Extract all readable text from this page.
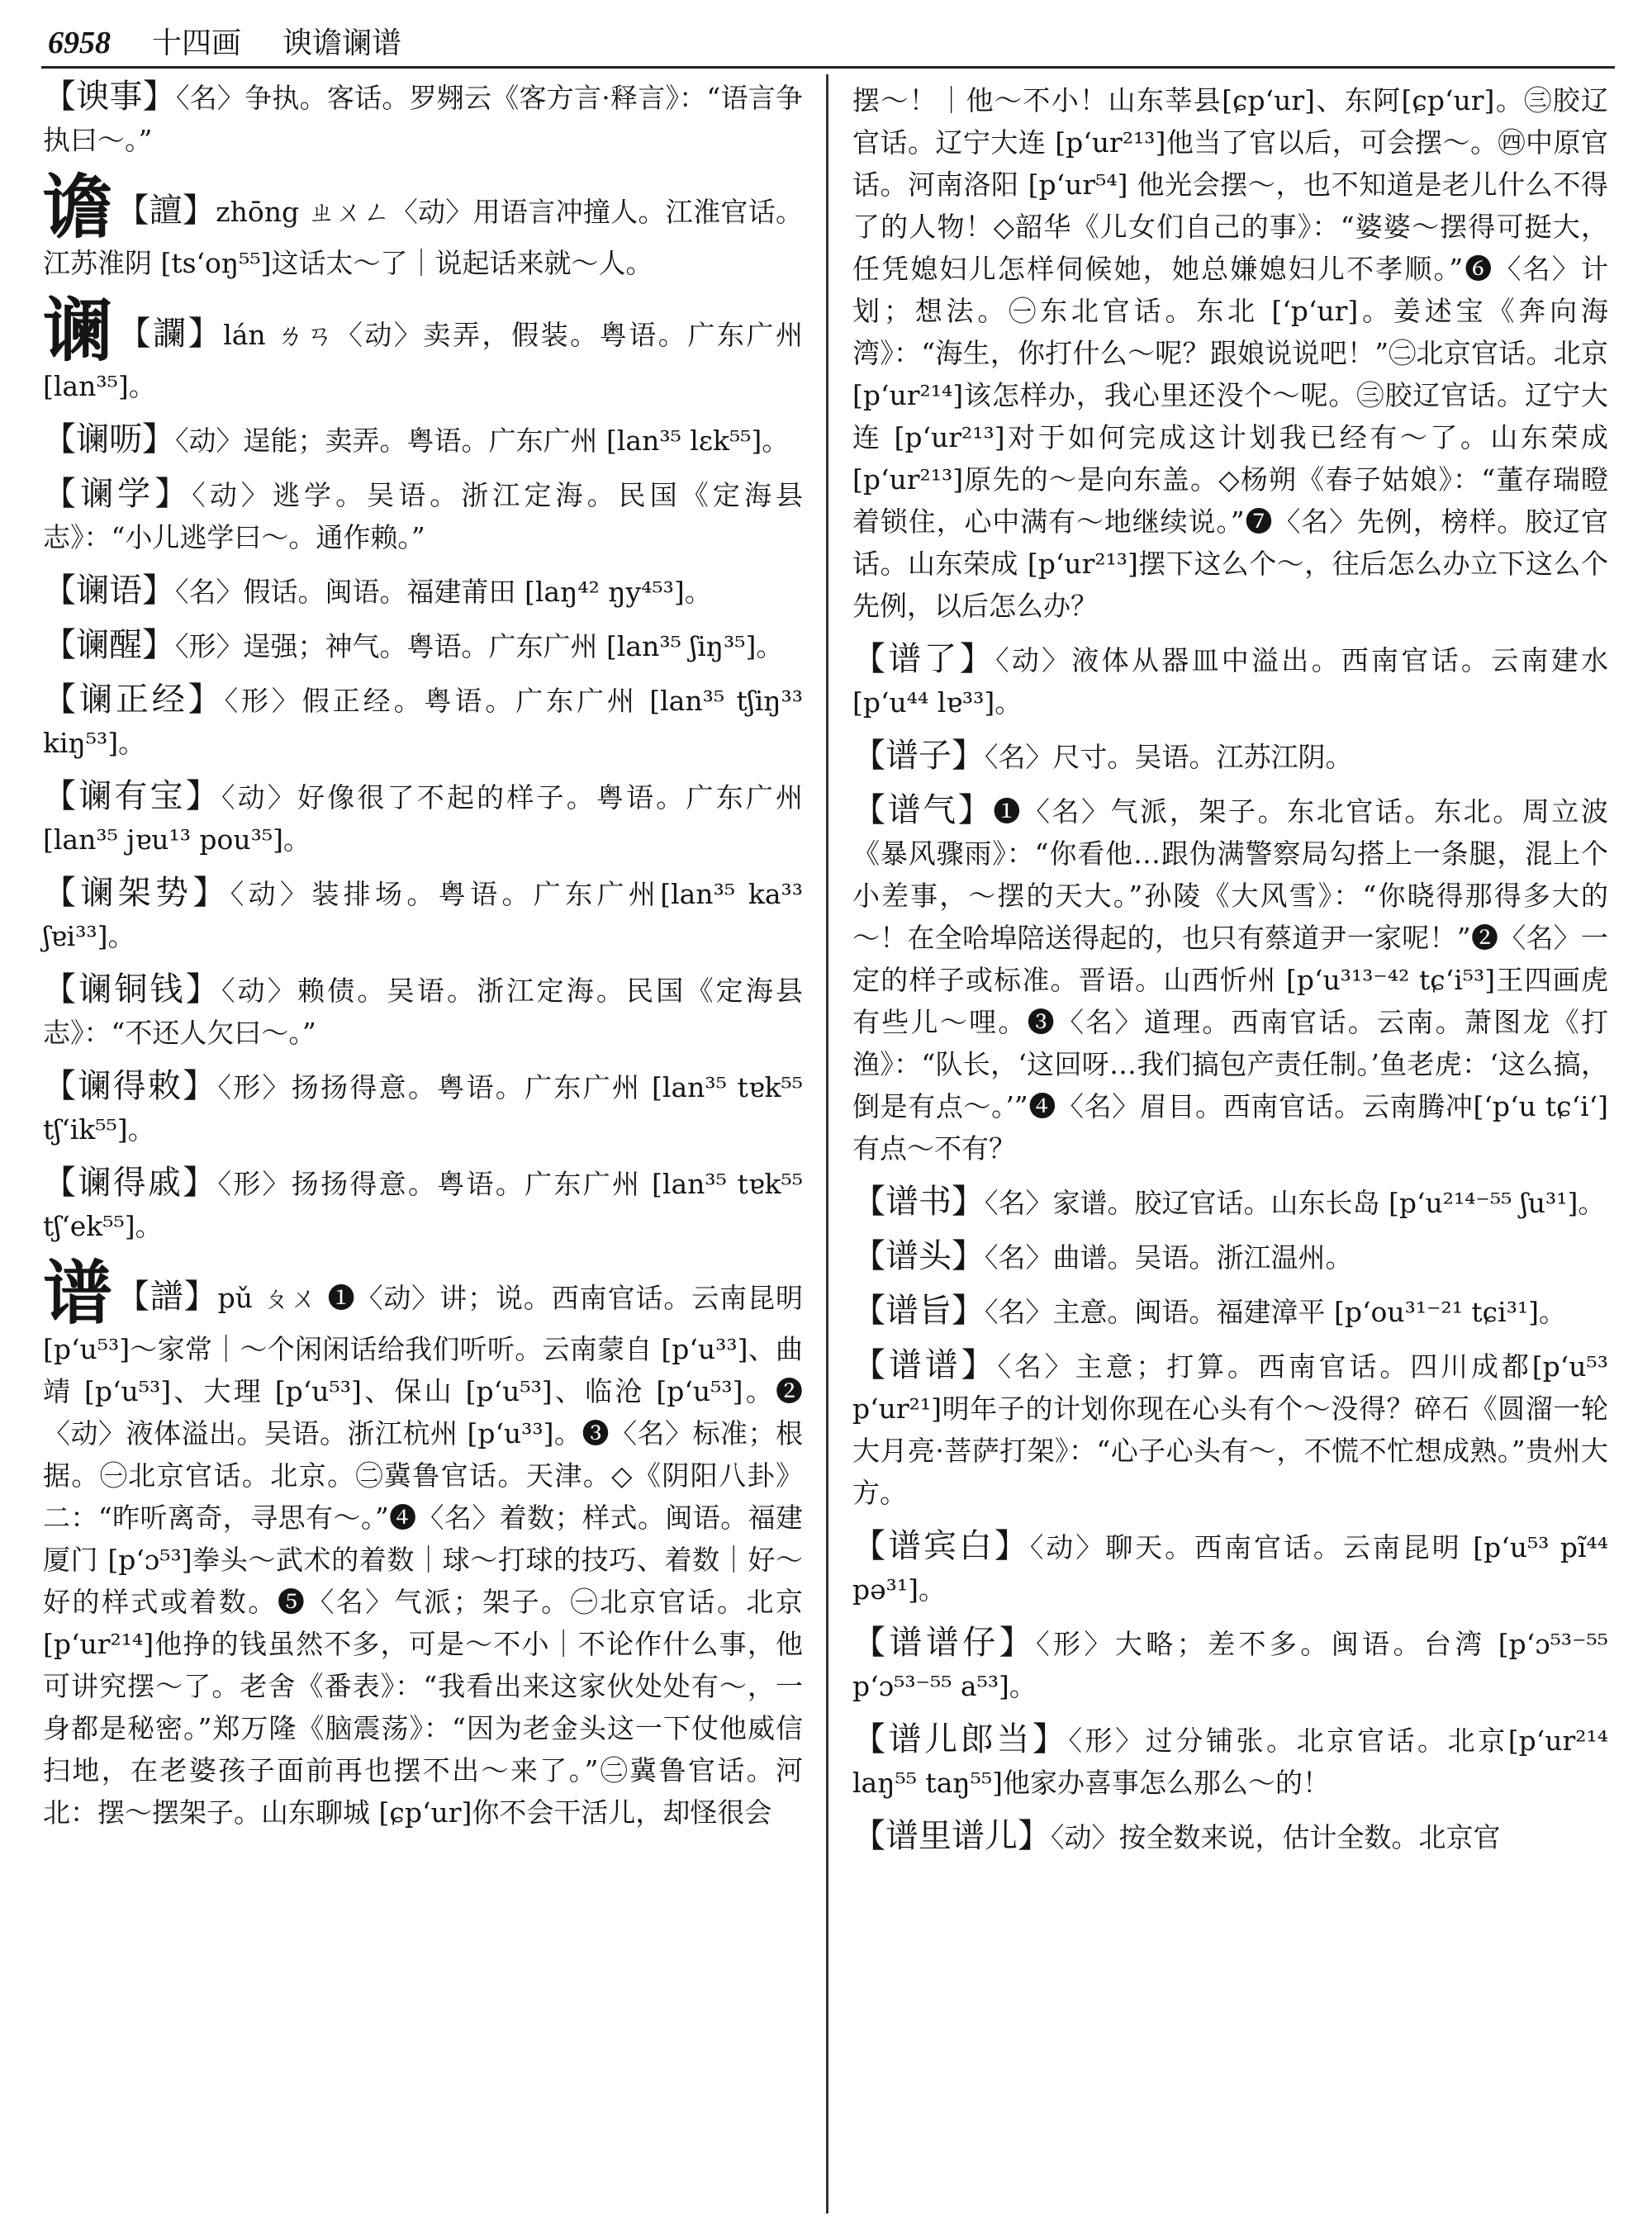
6958 十四画 谀谵谰谱
【谀事】〈名〉争执。客话。罗翙云《客方言·释言》：“语言争执曰～。”
谵 【譠】zhōng ㄓㄨㄥ〈动〉用语言冲撞人。江淮官话。江苏淮阴 [tsʻoŋ⁵⁵]这话太～了｜说起话来就～人。
谰 【讕】lán ㄌㄢ〈动〉卖弄，假装。粤语。广东广州 [lan³⁵]。
【谰呖】〈动〉逞能；卖弄。粤语。广东广州 [lan³⁵ lɛk⁵⁵]。
【谰学】〈动〉逃学。吴语。浙江定海。民国《定海县志》：“小儿逃学曰～。通作赖。”
【谰语】〈名〉假话。闽语。福建莆田 [laŋ⁴² ŋy⁴⁵³]。
【谰醒】〈形〉逞强；神气。粤语。广东广州 [lan³⁵ ʃiŋ³⁵]。
【谰正经】〈形〉假正经。粤语。广东广州 [lan³⁵ tʃiŋ³³ kiŋ⁵³]。
【谰有宝】〈动〉好像很了不起的样子。粤语。广东广州 [lan³⁵ jɐu¹³ pou³⁵]。
【谰架势】〈动〉装排场。粤语。广东广州[lan³⁵ ka³³ ʃɐi³³]。
【谰铜钱】〈动〉赖债。吴语。浙江定海。民国《定海县志》：“不还人欠曰～。”
【谰得敕】〈形〉扬扬得意。粤语。广东广州 [lan³⁵ tɐk⁵⁵ tʃʻik⁵⁵]。
【谰得戚】〈形〉扬扬得意。粤语。广东广州 [lan³⁵ tɐk⁵⁵ tʃʻek⁵⁵]。
谱 【譜】pǔ ㄆㄨ ❶〈动〉讲；说。西南官话。云南昆明 [pʻu⁵³]～家常｜～个闲闲话给我们听听。云南蒙自 [pʻu³³]、曲靖 [pʻu⁵³]、大理 [pʻu⁵³]、保山 [pʻu⁵³]、临沧 [pʻu⁵³]。❷〈动〉液体溢出。吴语。浙江杭州 [pʻu³³]。❸〈名〉标准；根据。㊀北京官话。北京。㊁冀鲁官话。天津。◇《阴阳八卦》二：“昨听离奇，寻思有～。”❹〈名〉着数；样式。闽语。福建厦门 [pʻɔ⁵³]拳头～武术的着数｜球～打球的技巧、着数｜好～好的样式或着数。❺〈名〉气派；架子。㊀北京官话。北京 [pʻur²¹⁴]他挣的钱虽然不多，可是～不小｜不论作什么事，他可讲究摆～了。老舍《番表》：“我看出来这家伙处处有～，一身都是秘密。”郑万隆《脑震荡》：“因为老金头这一下仗他威信扫地，在老婆孩子面前再也摆不出～来了。”㊁冀鲁官话。河北：摆～摆架子。山东聊城 [ɕpʻur]你不会干活儿，却怪很会
摆～！｜他～不小！山东莘县[ɕpʻur]、东阿[ɕpʻur]。㊂胶辽官话。辽宁大连 [pʻur²¹³]他当了官以后，可会摆～。㊃中原官话。河南洛阳 [pʻur⁵⁴] 他光会摆～，也不知道是老儿什么不得了的人物！◇韶华《儿女们自己的事》：“婆婆～摆得可挺大，任凭媳妇儿怎样伺候她，她总嫌媳妇儿不孝顺。”❻〈名〉计划；想法。㊀东北官话。东北 [ʻpʻur]。姜述宝《奔向海湾》：“海生，你打什么～呢？跟娘说说吧！”㊁北京官话。北京 [pʻur²¹⁴]该怎样办，我心里还没个～呢。㊂胶辽官话。辽宁大连 [pʻur²¹³]对于如何完成这计划我已经有～了。山东荣成 [pʻur²¹³]原先的～是向东盖。◇杨朔《春子姑娘》：“董存瑞瞪着锁住，心中满有～地继续说。”❼〈名〉先例，榜样。胶辽官话。山东荣成 [pʻur²¹³]摆下这么个～，往后怎么办立下这么个先例，以后怎么办？
【谱了】〈动〉液体从器皿中溢出。西南官话。云南建水 [pʻu⁴⁴ lɐ³³]。
【谱子】〈名〉尺寸。吴语。江苏江阴。
【谱气】❶〈名〉气派，架子。东北官话。东北。周立波《暴风骤雨》：“你看他…跟伪满警察局勾搭上一条腿，混上个小差事，～摆的天大。”孙陵《大风雪》：“你晓得那得多大的～！在全哈埠陪送得起的，也只有蔡道尹一家呢！”❷〈名〉一定的样子或标准。晋语。山西忻州 [pʻu³¹³⁻⁴² tɕʻi⁵³]王四画虎有些儿～哩。❸〈名〉道理。西南官话。云南。萧图龙《打渔》：“队长，‘这回呀…我们搞包产责任制。’鱼老虎：‘这么搞，倒是有点～。’”❹〈名〉眉目。西南官话。云南腾冲[ʻpʻu tɕʻiʻ]有点～不有？
【谱书】〈名〉家谱。胶辽官话。山东长岛 [pʻu²¹⁴⁻⁵⁵ ʃu³¹]。
【谱头】〈名〉曲谱。吴语。浙江温州。
【谱旨】〈名〉主意。闽语。福建漳平 [pʻou³¹⁻²¹ tɕi³¹]。
【谱谱】〈名〉主意；打算。西南官话。四川成都[pʻu⁵³ pʻur²¹]明年子的计划你现在心头有个～没得？碎石《圆溜一轮大月亮·菩萨打架》：“心子心头有～，不慌不忙想成熟。”贵州大方。
【谱宾白】〈动〉聊天。西南官话。云南昆明 [pʻu⁵³ pĩ⁴⁴ pə³¹]。
【谱谱仔】〈形〉大略；差不多。闽语。台湾 [pʻɔ⁵³⁻⁵⁵ pʻɔ⁵³⁻⁵⁵ a⁵³]。
【谱儿郎当】〈形〉过分铺张。北京官话。北京[pʻur²¹⁴ laŋ⁵⁵ taŋ⁵⁵]他家办喜事怎么那么～的！
【谱里谱儿】〈动〉按全数来说，估计全数。北京官
